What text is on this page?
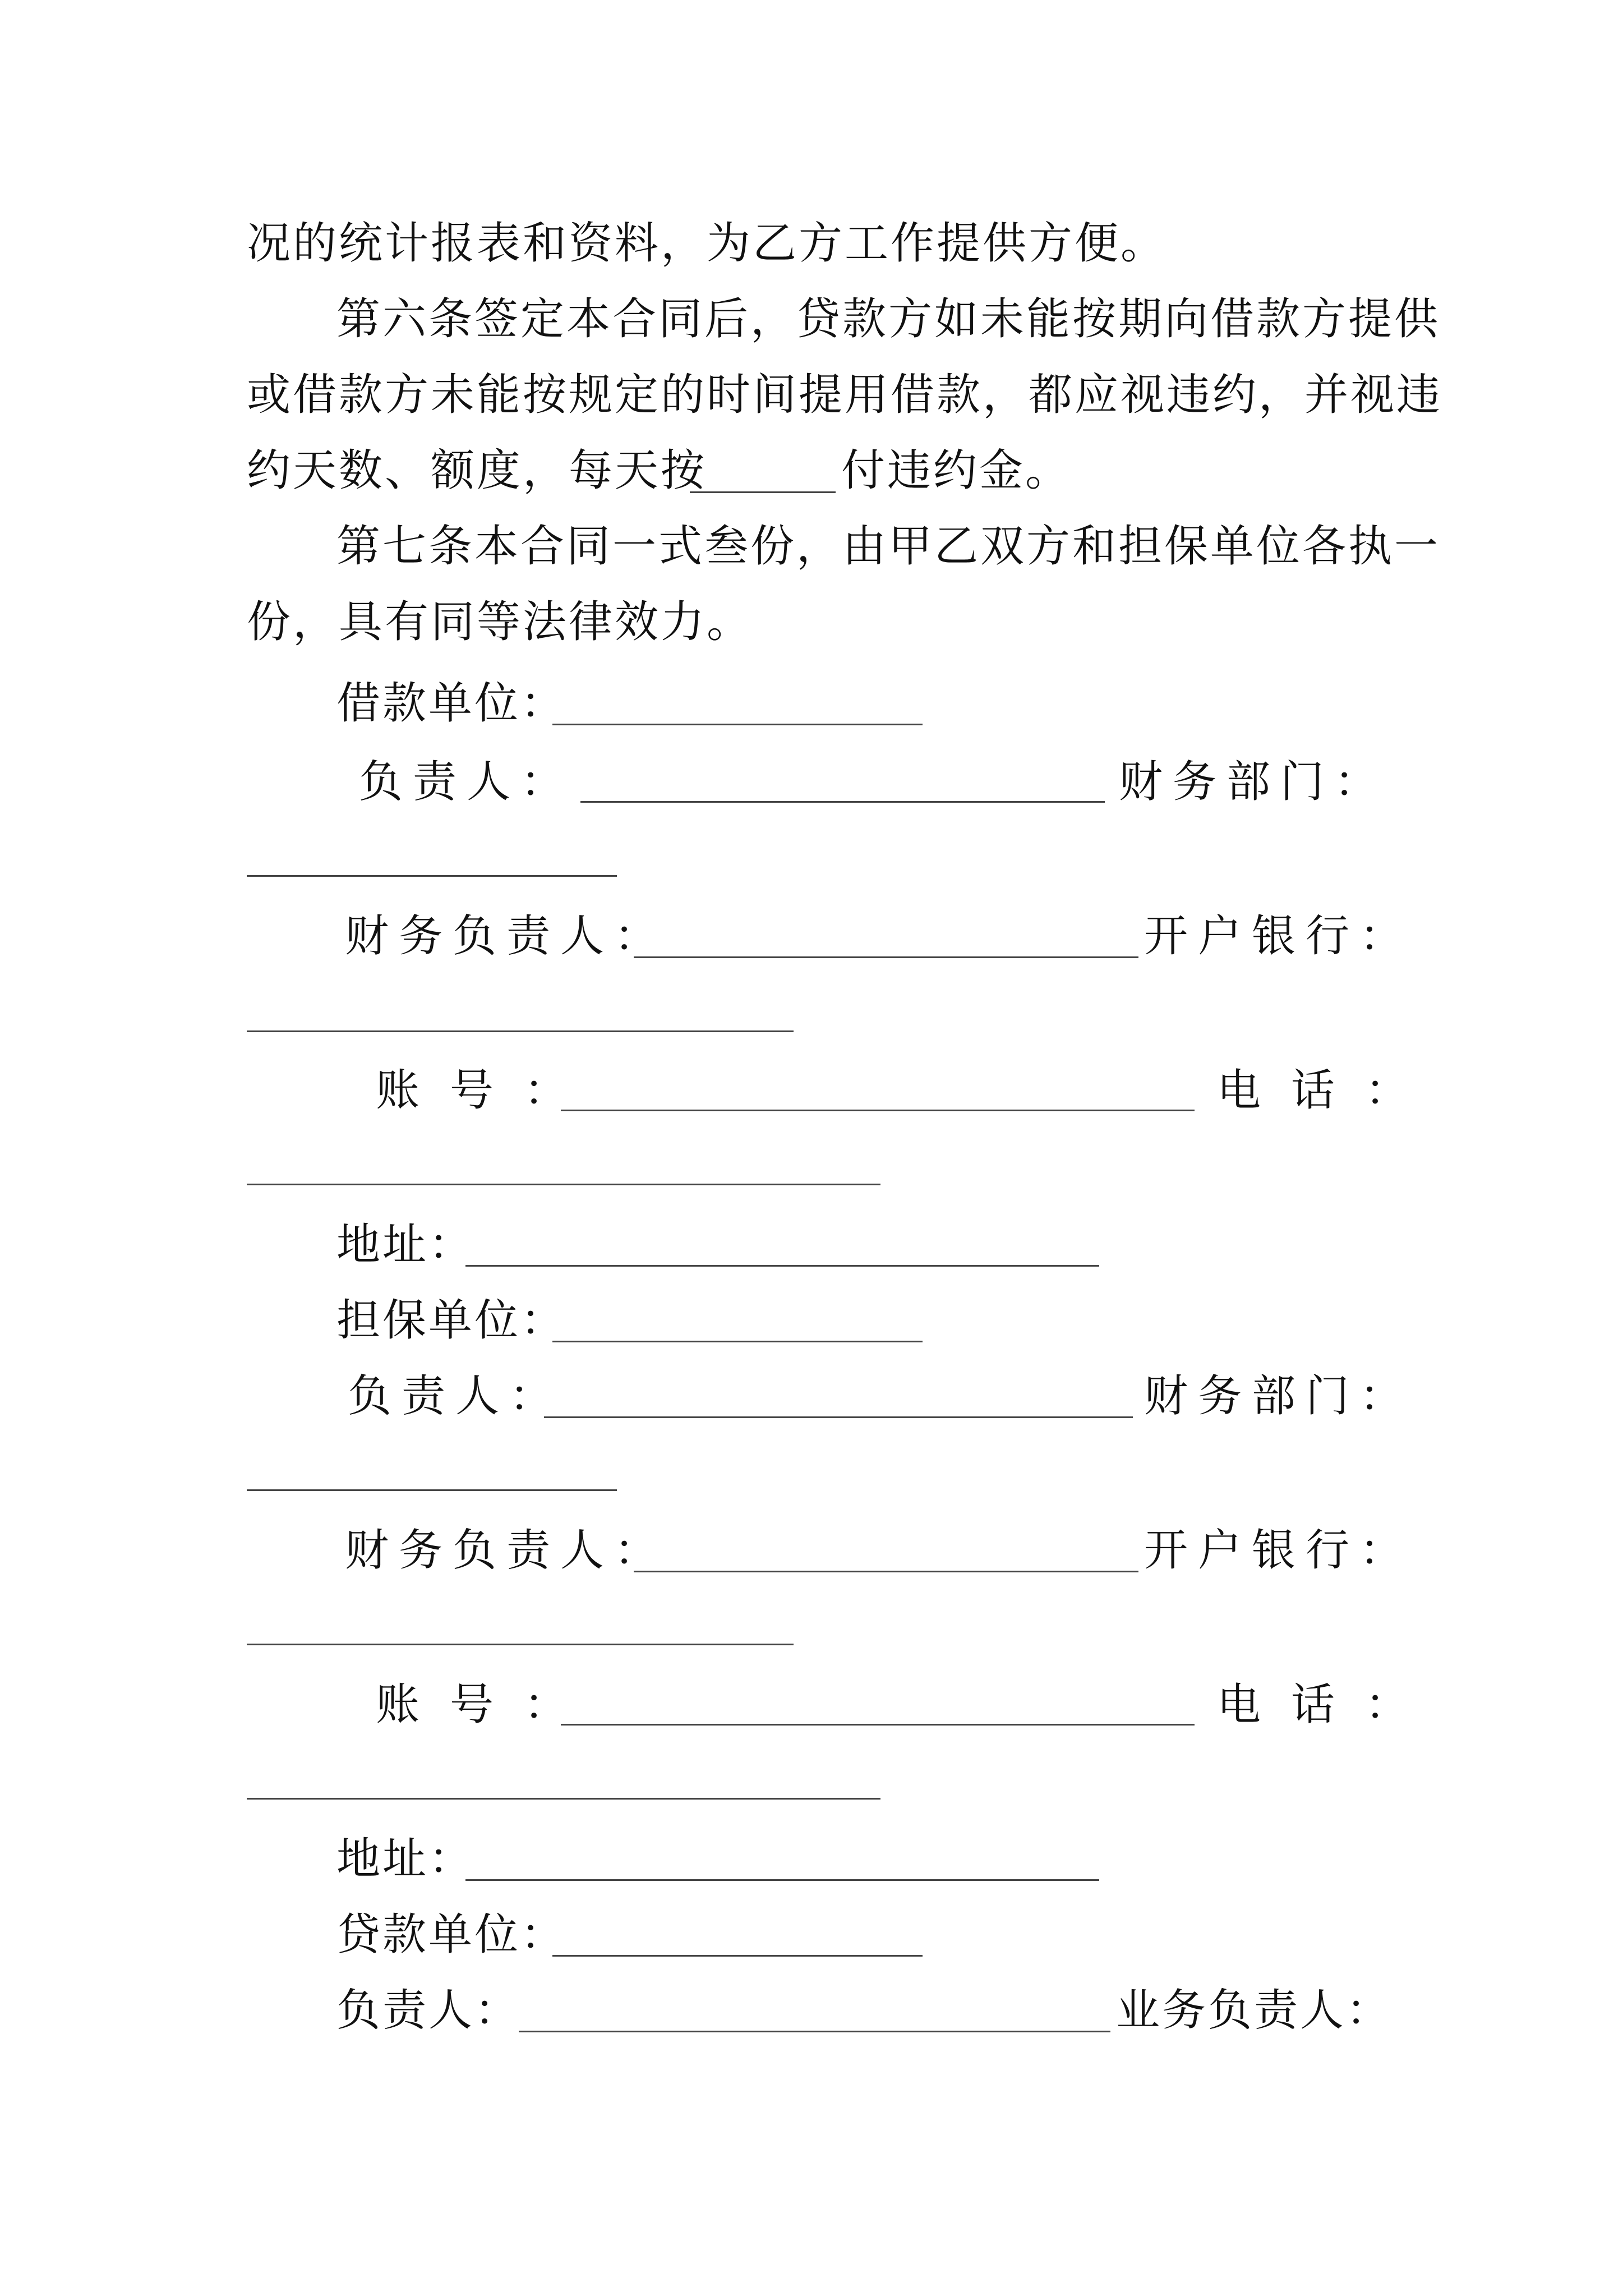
况的统计报表和资料，为乙方工作提供方便。
第六条签定本合同后，贷款方如未能按期向借款方提供
或借款方未能按规定的时间提用借款，都应视违约，并视违
约天数、额度，每天按	付违约金。
第七条本合同一式叁份，由甲乙双方和担保单位各执一
份，具有同等法律效力。
借款单位：
负责人：	财务部门：
财务负责人：	开户银行：
账号：	电话：
地址：
担保单位：
负责人：	财务部门：
财务负责人：	开户银行：
账号：	电话：
地址：
贷款单位：
负责人：	业务负责人：
